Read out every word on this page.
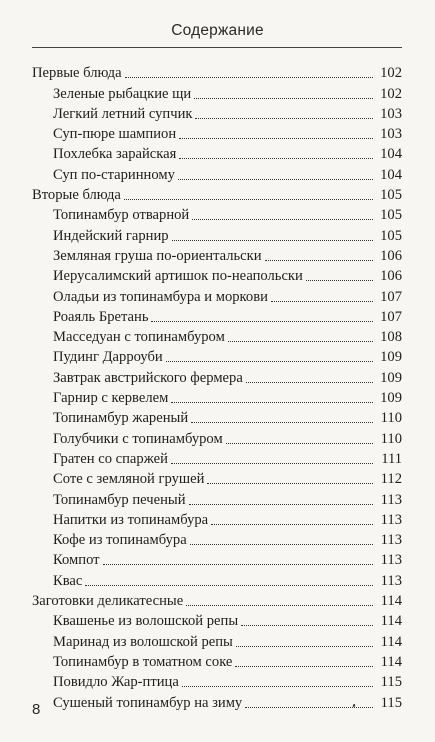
Содержание
Первые блюда	102
Зеленые рыбацкие щи	102
Легкий летний супчик	103
Суп-пюре шампион	103
Похлебка зарайская	104
Суп по-старинному	104
Вторые блюда	105
Топинамбур отварной	105
Индейский гарнир	105
Земляная груша по-ориентальски	106
Иерусалимский артишок по-неапольски	106
Оладьи из топинамбура и моркови	107
Роаяль Бретань	107
Масседуан с топинамбуром	108
Пудинг Дарроуби	109
Завтрак австрийского фермера	109
Гарнир с кервелем	109
Топинамбур жареный	110
Голубчики с топинамбуром	110
Гратен со спаржей	111
Соте с земляной грушей	112
Топинамбур печеный	113
Напитки из топинамбура	113
Кофе из топинамбура	113
Компот	113
Квас	113
Заготовки деликатесные	114
Квашенье из волошской репы	114
Маринад из волошской репы	114
Топинамбур в томатном соке	114
Повидло Жар-птица	115
Сушеный топинамбур на зиму	115
8
